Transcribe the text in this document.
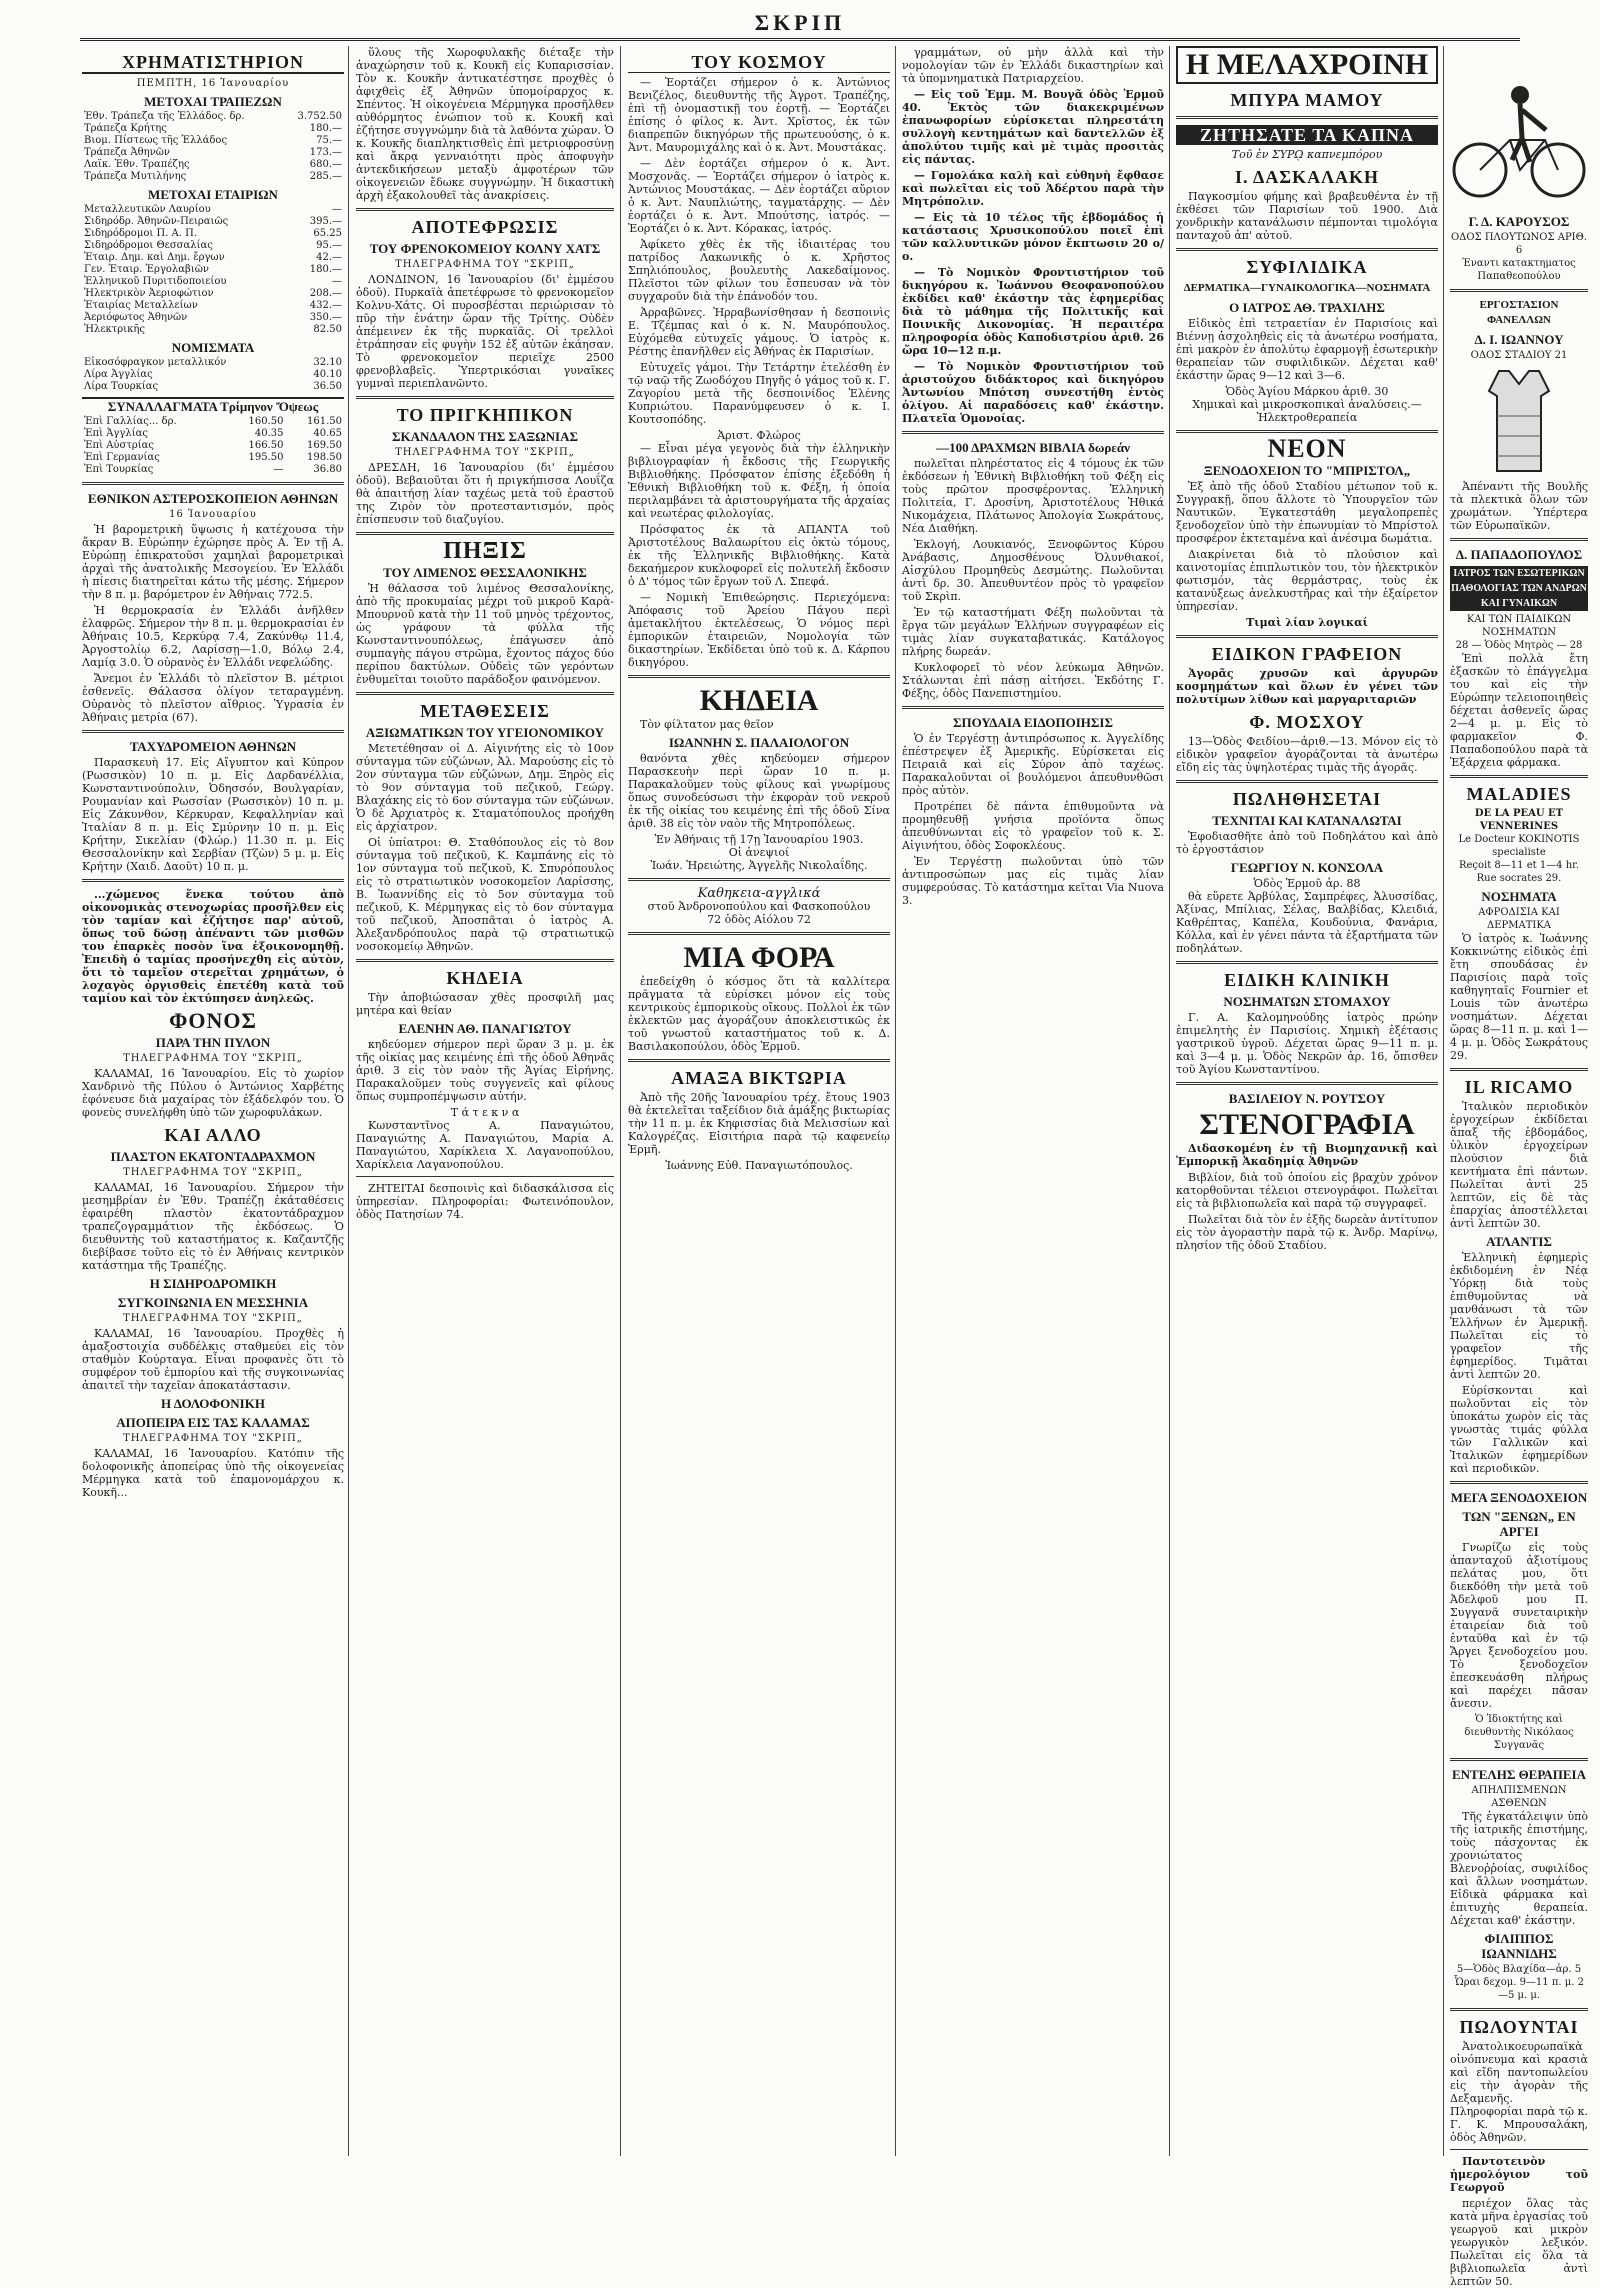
ΣΚΡΙΠ
ΧΡΗΜΑΤΙΣΤΗΡΙΟΝ
ΠΕΜΠΤΗ, 16 Ἰανουαρίου
ΜΕΤΟΧΑΙ ΤΡΑΠΕΖΩΝ
Ἐθν. Τράπεζα τῆς Ἑλλάδος. δρ.	3.752.50
Τράπεζα Κρήτης	180.—
Βιομ. Πίστεως τῆς Ἑλλάδος	75.—
Τράπεζα Ἀθηνῶν	173.—
Λαϊκ. Ἐθν. Τραπέζης	680.—
Τράπεζα Μυτιλήνης	285.—
ΜΕΤΟΧΑΙ ΕΤΑΙΡΙΩΝ
Μεταλλευτικῶν Λαυρίου	—
Σιδηρόδρ. Ἀθηνῶν-Πειραιῶς	395.—
Σιδηρόδρομοι Π. Α. Π.	65.25
Σιδηρόδρομοι Θεσσαλίας	95.—
Ἐταιρ. Δημ. καὶ Δημ. ἔργων	42.—
Γεν. Ἐταιρ. Ἐργολαβιῶν	180.—
Ἑλληνικοῦ Πυριτιδοποιείου	—
Ἠλεκτρικὸν Ἀεριοφώτιον	208.—
Ἐταιρίας Μεταλλείων	432.—
Ἀεριόφωτος Ἀθηνῶν	350.—
Ἠλεκτρικῆς	82.50
ΝΟΜΙΣΜΑΤΑ
Εἰκοσόφραγκον μεταλλικόν	32.10
Λίρα Ἀγγλίας	40.10
Λίρα Τουρκίας	36.50
ΣΥΝΑΛΛΑΓΜΑΤΑ Τρίμηνον Ὄψεως
Ἐπὶ Γαλλίας... δρ.	160.50	161.50
Ἐπὶ Ἀγγλίας	40.35	40.65
Ἐπὶ Αὐστρίας	166.50	169.50
Ἐπὶ Γερμανίας	195.50	198.50
Ἐπὶ Τουρκίας	—	36.80
ΕΘΝΙΚΟΝ ΑΣΤΕΡΟΣΚΟΠΕΙΟΝ ΑΘΗΝΩΝ
16 Ἰανουαρίου

Ἡ βαρομετρικὴ ὕψωσις ἡ κατέχουσα τὴν ἄκραν Β. Εὐρώπην ἐχώρησε πρὸς Α. Ἐν τῇ Α. Εὐρώπῃ ἐπικρατοῦσι χαμηλαὶ βαρομετρικαὶ ἀρχαὶ τῆς ἀνατολικῆς Μεσογείου. Ἐν Ἑλλάδι ἡ πίεσις διατηρεῖται κάτω τῆς μέσης. Σήμερον τὴν 8 π. μ. βαρόμετρον ἐν Ἀθήναις 772.5.

Ἡ θερμοκρασία ἐν Ἑλλάδι ἀνῆλθεν ἐλαφρῶς. Σήμερον τὴν 8 π. μ. θερμοκρασίαι ἐν Ἀθήναις 10.5, Κερκύρᾳ 7.4, Ζακύνθῳ 11.4, Ἀργοστολίῳ 6.2, Λαρίσσῃ—1.0, Βόλῳ 2.4, Λαμίᾳ 3.0. Ὁ οὐρανὸς ἐν Ἑλλάδι νεφελώδης.

Ἄνεμοι ἐν Ἑλλάδι τὸ πλεῖστον Β. μέτριοι ἐσθενεῖς. Θάλασσα ὀλίγον τεταραγμένη. Οὐρανὸς τὸ πλεῖστον αἴθριος. Ὑγρασία ἐν Ἀθήναις μετρία (67).

ΤΑΧΥΔΡΟΜΕΙΟΝ ΑΘΗΝΩΝ

Παρασκευὴ 17. Εἰς Αἴγυπτον καὶ Κύπρον (Ρωσσικὸν) 10 π. μ. Εἰς Δαρδανέλλια, Κωνσταντινούπολιν, Ὀδησσόν, Βουλγαρίαν, Ρουμανίαν καὶ Ρωσσίαν (Ρωσσικὸν) 10 π. μ. Εἰς Ζάκυνθον, Κέρκυραν, Κεφαλληνίαν καὶ Ἰταλίαν 8 π. μ. Εἰς Σμύρνην 10 π. μ. Εἰς Κρήτην, Σικελίαν (Φλώρ.) 11.30 π. μ. Εἰς Θεσσαλονίκην καὶ Σερβίαν (Τζὼν) 5 μ. μ. Εἰς Κρήτην (Χαιδ. Δαοῦτ) 10 π. μ.

...χώμενος ἕνεκα τούτου ἀπὸ οἰκονομικὰς στενοχωρίας προσῆλθεν εἰς τὸν ταμίαν καὶ ἐζήτησε παρ' αὐτοῦ, ὅπως τοῦ δώσῃ ἀπέναντι τῶν μισθῶν του ἐπαρκὲς ποσὸν ἵνα ἐξοικονομηθῇ. Ἐπειδὴ ὁ ταμίας προσήνεχθη εἰς αὐτὸν, ὅτι τὸ ταμεῖον στερεῖται χρημάτων, ὁ λοχαγὸς ὀργισθεὶς ἐπετέθη κατὰ τοῦ ταμίου καὶ τὸν ἐκτύπησεν ἀνηλεῶς.

ΦΟΝΟΣ
ΠΑΡΑ ΤΗΝ ΠΥΛΟΝ
ΤΗΛΕΓΡΑΦΗΜΑ ΤΟΥ "ΣΚΡΙΠ„

ΚΑΛΑΜΑΙ, 16 Ἰανουαρίου. Εἰς τὸ χωρίον Χανδρινὸ τῆς Πύλου ὁ Ἀντώνιος Χαρβέτης ἐφόνευσε διὰ μαχαίρας τὸν ἐξάδελφόν του. Ὁ φονεὺς συνελήφθη ὑπὸ τῶν χωροφυλάκων.

ΚΑΙ ΑΛΛΟ
ΠΛΑΣΤΟΝ ΕΚΑΤΟΝΤΑΔΡΑΧΜΟΝ
ΤΗΛΕΓΡΑΦΗΜΑ ΤΟΥ "ΣΚΡΙΠ„

ΚΑΛΑΜΑΙ, 16 Ἰανουαρίου. Σήμερον τὴν μεσημβρίαν ἐν Ἐθν. Τραπέζῃ ἐκάταθέσεις ἐφαιρέθη πλαστὸν ἑκατοντάδραχμον τραπεζογραμμάτιον τῆς ἐκδόσεως. Ὁ διευθυντὴς τοῦ καταστήματος κ. Καζαντζῆς διεβίβασε τοῦτο εἰς τὸ ἐν Ἀθήναις κεντρικὸν κατάστημα τῆς Τραπέζης.

Η ΣΙΔΗΡΟΔΡΟΜΙΚΗ
ΣΥΓΚΟΙΝΩΝΙΑ ΕΝ ΜΕΣΣΗΝΙΑ
ΤΗΛΕΓΡΑΦΗΜΑ ΤΟΥ "ΣΚΡΙΠ„

ΚΑΛΑΜΑΙ, 16 Ἰανουαρίου. Προχθὲς ἡ ἁμαξοστοιχία συδδέλκις σταθμεύει εἰς τὸν σταθμὸν Κούρταγα. Εἶναι προφανὲς ὅτι τὸ συμφέρον τοῦ ἐμπορίου καὶ τῆς συγκοινωνίας ἀπαιτεῖ τὴν ταχεῖαν ἀποκατάστασιν.

Η ΔΟΛΟΦΟΝΙΚΗ
ΑΠΟΠΕΙΡΑ ΕΙΣ ΤΑΣ ΚΑΛΑΜΑΣ
ΤΗΛΕΓΡΑΦΗΜΑ ΤΟΥ "ΣΚΡΙΠ„

ΚΑΛΑΜΑΙ, 16 Ἰανουαρίου. Κατόπιν τῆς δολοφονικῆς ἀποπείρας ὑπὸ τῆς οἰκογενείας Μέρμηγκα κατὰ τοῦ ἐπαμονομάρχου κ. Κουκῆ...

ὕλους τῆς Χωροφυλακῆς διέταξε τὴν ἀναχώρησιν τοῦ κ. Κουκῆ εἰς Κυπαρισσίαν. Τὸν κ. Κουκῆν ἀντικατέστησε προχθὲς ὁ ἀφιχθεὶς ἐξ Ἀθηνῶν ὑπομοίραρχος κ. Σπέντος. Ἡ οἰκογένεια Μέρμηγκα προσῆλθεν αὐθόρμητος ἐνώπιον τοῦ κ. Κουκῆ καὶ ἐζήτησε συγγνώμην διὰ τὰ λαθόντα χώραν. Ὁ κ. Κουκῆς διαπληκτισθεὶς ἐπὶ μετριοφροσύνῃ καὶ ἄκρᾳ γενναιότητι πρὸς ἀποφυγὴν ἀντεκδικήσεων μεταξὺ ἀμφοτέρων τῶν οἰκογενειῶν ἔδωκε συγγνώμην. Ἡ δικαστικὴ ἀρχὴ ἐξακολουθεῖ τὰς ἀνακρίσεις.

ΑΠΟΤΕΦΡΩΣΙΣ
ΤΟΥ ΦΡΕΝΟΚΟΜΕΙΟΥ ΚΟΛΝΥ ΧΑΤΣ
ΤΗΛΕΓΡΑΦΗΜΑ ΤΟΥ "ΣΚΡΙΠ„

ΛΟΝΔΙΝΟΝ, 16 Ἰανουαρίου (δι' ἐμμέσου ὁδοῦ). Πυρκαϊὰ ἀπετέφρωσε τὸ φρενοκομεῖον Κολνυ-Χάτς. Οἱ πυροσβέσται περιώρισαν τὸ πῦρ τὴν ἑνάτην ὥραν τῆς Τρίτης. Οὐδὲν ἀπέμεινεν ἐκ τῆς πυρκαϊᾶς. Οἱ τρελλοὶ ἐτράπησαν εἰς φυγὴν 152 ἐξ αὐτῶν ἐκάησαν. Τὸ φρενοκομεῖον περιεῖχε 2500 φρενοβλαβεῖς. Ὑπερτρικόσιαι γυναῖκες γυμναὶ περιεπλανῶντο.

ΤΟ ΠΡΙΓΚΗΠΙΚΟΝ
ΣΚΑΝΔΑΛΟΝ ΤΗΣ ΣΑΞΩΝΙΑΣ
ΤΗΛΕΓΡΑΦΗΜΑ ΤΟΥ "ΣΚΡΙΠ„

ΔΡΕΣΔΗ, 16 Ἰανουαρίου (δι' ἐμμέσου ὁδοῦ). Βεβαιοῦται ὅτι ἡ πριγκήπισσα Λουΐζα θὰ ἀπαιτήσῃ λίαν ταχέως μετὰ τοῦ ἐραστοῦ της Ζιρὸν τὸν προτεσταντισμόν, πρὸς ἐπίσπευσιν τοῦ διαζυγίου.

ΠΗΞΙΣ
ΤΟΥ ΛΙΜΕΝΟΣ ΘΕΣΣΑΛΟΝΙΚΗΣ

Ἡ θάλασσα τοῦ λιμένος Θεσσαλονίκης, ἀπὸ τῆς προκυμαίας μέχρι τοῦ μικροῦ Καρὰ-Μπουρνοῦ κατὰ τὴν 11 τοῦ μηνὸς τρέχοντος, ὡς γράφουν τὰ φύλλα τῆς Κωνσταντινουπόλεως, ἐπάγωσεν ἀπὸ συμπαγὴς πάγου στρῶμα, ἔχοντος πάχος δύο περίπου δακτύλων. Οὐδεὶς τῶν γερόντων ἐνθυμεῖται τοιοῦτο παράδοξον φαινόμενον.

ΜΕΤΑΘΕΣΕΙΣ
ΑΞΙΩΜΑΤΙΚΩΝ ΤΟΥ ΥΓΕΙΟΝΟΜΙΚΟΥ

Μετετέθησαν οἱ Δ. Αἰγινήτης εἰς τὸ 10ον σύνταγμα τῶν εὐζώνων, Ἀλ. Μαρούσης εἰς τὸ 2ον σύνταγμα τῶν εὐζώνων, Δημ. Ξηρὸς εἰς τὸ 9ον σύνταγμα τοῦ πεζικοῦ, Γεώργ. Βλαχάκης εἰς τὸ 6ον σύνταγμα τῶν εὐζώνων. Ὁ δὲ Ἀρχιατρὸς κ. Σταματόπουλος προήχθη εἰς ἀρχίατρον.

Οἱ ὑπίατροι: Θ. Σταθόπουλος εἰς τὸ 8ον σύνταγμα τοῦ πεζικοῦ, Κ. Καμπάνης εἰς τὸ 1ον σύνταγμα τοῦ πεζικοῦ, Κ. Σπυρόπουλος εἰς τὸ στρατιωτικὸν νοσοκομεῖον Λαρίσσης, Β. Ἰωαννίδης εἰς τὸ 5ον σύνταγμα τοῦ πεζικοῦ, Κ. Μέρμηγκας εἰς τὸ 6ον σύνταγμα τοῦ πεζικοῦ, Ἀποσπᾶται ὁ ἰατρὸς Α. Ἀλεξανδρόπουλος παρὰ τῷ στρατιωτικῷ νοσοκομείῳ Ἀθηνῶν.

ΚΗΔΕΙΑ

Τὴν ἀποβιώσασαν χθὲς προσφιλῆ μας μητέρα καὶ θείαν

ΕΛΕΝΗΝ ΑΘ. ΠΑΝΑΓΙΩΤΟΥ

κηδεύομεν σήμερον περὶ ὥραν 3 μ. μ. ἐκ τῆς οἰκίας μας κειμένης ἐπὶ τῆς ὁδοῦ Ἀθηνᾶς ἀριθ. 3 εἰς τὸν ναὸν τῆς Ἁγίας Εἰρήνης. Παρακαλοῦμεν τοὺς συγγενεῖς καὶ φίλους ὅπως συμπροπέμψωσιν αὐτήν.

Τ ά τ ε κ ν α

Κωνσταντῖνος Α. Παναγιώτου, Παναγιώτης Α. Παναγιώτου, Μαρία Α. Παναγιώτου, Χαρίκλεια Χ. Λαγανοπούλου, Χαρίκλεια Λαγανοπούλου.

ΖΗΤΕΙΤΑΙ δεσποινὶς καὶ διδασκάλισσα εἰς ὑπηρεσίαν. Πληροφορίαι: Φωτεινόπουλον, ὁδὸς Πατησίων 74.

ΤΟΥ ΚΟΣΜΟΥ

— Ἑορτάζει σήμερον ὁ κ. Ἀντώνιος Βενιζέλος, διευθυντὴς τῆς Ἀγροτ. Τραπέζης, ἐπὶ τῇ ὀνομαστικῇ του ἑορτῇ. — Ἑορτάζει ἐπίσης ὁ φίλος κ. Ἀντ. Χρῖστος, ἐκ τῶν διαπρεπῶν δικηγόρων τῆς πρωτευούσης, ὁ κ. Ἀντ. Μαυρομιχάλης καὶ ὁ κ. Ἀντ. Μουστάκας.

— Δὲν ἑορτάζει σήμερον ὁ κ. Ἀντ. Μοσχονᾶς. — Ἑορτάζει σήμερον ὁ ἰατρὸς κ. Ἀντώνιος Μουστάκας. — Δὲν ἑορτάζει αὔριον ὁ κ. Ἀντ. Ναυπλιώτης, ταγματάρχης. — Δὲν ἑορτάζει ὁ κ. Ἀντ. Μπούτσης, ἰατρός. — Ἑορτάζει ὁ κ. Ἀντ. Κόρακας, ἰατρός.

Ἀφίκετο χθὲς ἐκ τῆς ἰδιαιτέρας του πατρίδος Λακωνικῆς ὁ κ. Χρῆστος Σπηλιόπουλος, βουλευτὴς Λακεδαίμονος. Πλεῖστοι τῶν φίλων του ἔσπευσαν νὰ τὸν συγχαροῦν διὰ τὴν ἐπάνοδόν του.

Ἀρραβῶνες. Ἠρραβωνίσθησαν ἡ δεσποινὶς Ε. Τζέμπας καὶ ὁ κ. Ν. Μαυρόπουλος. Εὐχόμεθα εὐτυχεῖς γάμους. Ὁ ἰατρὸς κ. Ρέστης ἐπανῆλθεν εἰς Ἀθήνας ἐκ Παρισίων.

Εὐτυχεῖς γάμοι. Τὴν Τετάρτην ἐτελέσθη ἐν τῷ ναῷ τῆς Ζωοδόχου Πηγῆς ὁ γάμος τοῦ κ. Γ. Ζαγορίου μετὰ τῆς δεσποινίδος Ἑλένης Κυπριώτου. Παρανύμφευσεν ὁ κ. Ι. Κουτσοπόδης.

Ἀριστ. Φλώρος

— Εἶναι μέγα γεγονὸς διὰ τὴν ἑλληνικὴν βιβλιογραφίαν ἡ ἔκδοσις τῆς Γεωργικῆς Βιβλιοθήκης. Πρόσφατον ἐπίσης ἐξεδόθη ἡ Ἐθνικὴ Βιβλιοθήκη τοῦ κ. Φέξη, ἡ ὁποία περιλαμβάνει τὰ ἀριστουργήματα τῆς ἀρχαίας καὶ νεωτέρας φιλολογίας.

Πρόσφατος ἐκ τὰ ΑΠΑΝΤΑ τοῦ Ἀριστοτέλους Βαλαωρίτου εἰς ὀκτὼ τόμους, ἐκ τῆς Ἑλληνικῆς Βιβλιοθήκης. Κατὰ δεκαήμερον κυκλοφορεῖ εἰς πολυτελῆ ἔκδοσιν ὁ Δ' τόμος τῶν ἔργων τοῦ Λ. Σπεφά.

— Νομικὴ Ἐπιθεώρησις. Περιεχόμενα: Ἀπόφασις τοῦ Ἀρείου Πάγου περὶ ἀμετακλήτου ἐκτελέσεως, Ὁ νόμος περὶ ἐμπορικῶν ἑταιρειῶν, Νομολογία τῶν δικαστηρίων. Ἐκδίδεται ὑπὸ τοῦ κ. Δ. Κάρπου δικηγόρου.

ΚΗΔΕΙΑ

Τὸν φίλτατον μας θεῖον

ΙΩΑΝΝΗΝ Σ. ΠΑΛΑΙΟΛΟΓΟΝ

θανόντα χθὲς κηδεύομεν σήμερον Παρασκευὴν περὶ ὥραν 10 π. μ. Παρακαλοῦμεν τοὺς φίλους καὶ γνωρίμους ὅπως συνοδεύσωσι τὴν ἐκφορὰν τοῦ νεκροῦ ἐκ τῆς οἰκίας του κειμένης ἐπὶ τῆς ὁδοῦ Σίνα ἀριθ. 38 εἰς τὸν ναὸν τῆς Μητροπόλεως.

Ἐν Ἀθήναις τῇ 17ῃ Ἰανουαρίου 1903.
Οἱ ἀνεψιοί
Ἰωάν. Ἠρειώτης, Ἀγγελῆς Νικολαΐδης.
Καθηκεια-αγγλικά
στοῦ Ἀνδρονοπούλου καὶ Φασκοπούλου
72 ὁδὸς Αἰόλου 72
ΜΙΑ ΦΟΡΑ

ἐπεδείχθη ὁ κόσμος ὅτι τὰ καλλίτερα πρᾶγματα τὰ εὑρίσκει μόνον εἰς τοὺς κεντρικοὺς ἐμπορικοὺς οἴκους. Πολλοὶ ἐκ τῶν ἐκλεκτῶν μας ἀγοράζουν ἀποκλειστικῶς ἐκ τοῦ γνωστοῦ καταστήματος τοῦ κ. Δ. Βασιλακοπούλου, ὁδὸς Ἑρμοῦ.

ΑΜΑΞΑ ΒΙΚΤΩΡΙΑ

Ἀπὸ τῆς 20ῆς Ἰανουαρίου τρέχ. ἔτους 1903 θὰ ἐκτελεῖται ταξείδιον διὰ ἁμάξης βικτωρίας τὴν 11 π. μ. ἐκ Κηφισσίας διὰ Μελισσίων καὶ Καλογρέζας. Εἰσιτήρια παρὰ τῷ καφενείῳ Ἑρμῆ.

Ἰωάννης Εὐθ. Παναγιωτόπουλος.

γραμμάτων, οὐ μὴν ἀλλὰ καὶ τὴν νομολογίαν τῶν ἐν Ἑλλάδι δικαστηρίων καὶ τὰ ὑπομνηματικὰ Πατριαρχείου.

— Εἰς τοῦ Ἐμμ. Μ. Βουγᾶ ὁδὸς Ἑρμοῦ 40. Ἐκτὸς τῶν διακεκριμένων ἐπανωφορίων εὑρίσκεται πληρεστάτη συλλογὴ κεντημάτων καὶ δαντελλῶν ἐξ ἀπολύτου τιμῆς καὶ μὲ τιμὰς προσιτὰς εἰς πάντας.

— Γομολάκα καλὴ καὶ εὐθηνὴ ἔφθασε καὶ πωλεῖται εἰς τοῦ Ἀδέρτου παρὰ τὴν Μητρόπολιν.

— Εἰς τὰ 10 τέλος τῆς ἐβδομάδος ἡ κατάστασις Χρυσικοπούλου ποιεῖ ἐπὶ τῶν καλλυντικῶν μόνον ἔκπτωσιν 20 ο/ο.

— Τὸ Νομικὸν Φροντιστήριον τοῦ δικηγόρου κ. Ἰωάννου Θεοφανοπούλου ἐκδίδει καθ' ἑκάστην τὰς ἐφημερίδας διὰ τὸ μάθημα τῆς Πολιτικῆς καὶ Ποινικῆς Δικονομίας. Ἡ περαιτέρα πληροφορία ὁδὸς Καποδιστρίου ἀριθ. 26 ὥρα 10—12 π.μ.

— Τὸ Νομικὸν Φροντιστήριον τοῦ ἀριστούχου διδάκτορος καὶ δικηγόρου Ἀντωνίου Μπότση συνεστήθη ἐντὸς ὀλίγου. Αἱ παραδόσεις καθ' ἑκάστην. Πλατεῖα Ὁμονοίας.

—100 ΔΡΑΧΜΩΝ ΒΙΒΛΙΑ δωρεάν

πωλεῖται πληρέστατος εἰς 4 τόμους ἐκ τῶν ἐκδόσεων ἡ Ἐθνικὴ Βιβλιοθήκη τοῦ Φέξη εἰς τοὺς πρῶτον προσφέροντας. Ἑλληνικὴ Πολιτεία, Γ. Δροσίνη, Ἀριστοτέλους Ἠθικά Νικομάχεια, Πλάτωνος Ἀπολογία Σωκράτους, Νέα Διαθήκη.

Ἐκλογή, Λουκιανός, Ξενοφῶντος Κύρου Ἀνάβασις, Δημοσθένους Ὀλυνθιακοί, Αἰσχύλου Προμηθεὺς Δεσμώτης. Πωλοῦνται ἀντὶ δρ. 30. Ἀπευθυντέον πρὸς τὸ γραφεῖον τοῦ Σκρὶπ.

Ἐν τῷ καταστήματι Φέξη πωλοῦνται τὰ ἔργα τῶν μεγάλων Ἑλλήνων συγγραφέων εἰς τιμὰς λίαν συγκαταβατικάς. Κατάλογος πλήρης δωρεάν.

Κυκλοφορεῖ τὸ νέον λεύκωμα Ἀθηνῶν. Στάλωνται ἐπὶ πάσῃ αἰτήσει. Ἐκδότης Γ. Φέξης, ὁδὸς Πανεπιστημίου.

ΣΠΟΥΔΑΙΑ ΕΙΔΟΠΟΙΗΣΙΣ

Ὁ ἐν Τεργέστῃ ἀντιπρόσωπος κ. Ἀγγελίδης ἐπέστρεψεν ἐξ Ἀμερικῆς. Εὑρίσκεται εἰς Πειραιᾶ καὶ εἰς Σύρον ἀπὸ ταχέως. Παρακαλοῦνται οἱ βουλόμενοι ἀπευθυνθῶσι πρὸς αὐτὸν.

Προτρέπει δὲ πάντα ἐπιθυμοῦντα νὰ προμηθευθῇ γνήσια προϊόντα ὅπως ἀπευθύνωνται εἰς τὸ γραφεῖον τοῦ κ. Σ. Αἰγινήτου, ὁδὸς Σοφοκλέους.

Ἐν Τεργέστῃ πωλοῦνται ὑπὸ τῶν ἀντιπροσώπων μας εἰς τιμὰς λίαν συμφερούσας. Τὸ κατάστημα κεῖται Via Nuova 3.

Η ΜΕΛΑΧΡΟΙΝΗ
ΜΠΥΡΑ ΜΑΜΟΥ
ΖΗΤΗΣΑΤΕ ΤΑ ΚΑΠΝΑ
Τοῦ ἐν ΣΥΡῼ καπνεμπόρου
Ι. ΔΑΣΚΑΛΑΚΗ

Παγκοσμίου φήμης καὶ βραβευθέντα ἐν τῇ ἐκθέσει τῶν Παρισίων τοῦ 1900. Διὰ χονδρικὴν κατανάλωσιν πέμπονται τιμολόγια πανταχοῦ ἀπ' αὐτοῦ.

ΣΥΦΙΛΙΔΙΚΑ
ΔΕΡΜΑΤΙΚΑ—ΓΥΝΑΙΚΟΛΟΓΙΚΑ—ΝΟΣΗΜΑΤΑ
Ο ΙΑΤΡΟΣ ΑΘ. ΤΡΑΧΙΛΗΣ

Εἰδικὸς ἐπὶ τετραετίαν ἐν Παρισίοις καὶ Βιέννῃ ἀσχοληθεὶς εἰς τὰ ἀνωτέρω νοσήματα, ἐπὶ μακρὸν ἐν ἀπολύτῳ ἐφαρμογῇ ἐσωτερικὴν θεραπείαν τῶν συφιλιδικῶν. Δέχεται καθ' ἑκάστην ὥρας 9—12 καὶ 3—6.

Ὁδὸς Ἁγίου Μάρκου ἀριθ. 30
Χημικαὶ καὶ μικροσκοπικαὶ ἀναλύσεις.—Ἠλεκτροθεραπεία
ΝΕΟΝ
ΞΕΝΟΔΟΧΕΙΟΝ ΤΟ "ΜΠΡΙΣΤΟΛ„

Ἐξ ἀπὸ τῆς ὁδοῦ Σταδίου μέτωπον τοῦ κ. Συγγρακῇ, ὅπου ἄλλοτε τὸ Ὑπουργεῖον τῶν Ναυτικῶν. Ἐγκατεστάθη μεγαλοπρεπὲς ξενοδοχεῖον ὑπὸ τὴν ἐπωνυμίαν τὸ Μπρίστολ προσφέρον ἐκτεταμένα καὶ ἀνέσιμα δωμάτια.

Διακρίνεται διὰ τὸ πλούσιον καὶ καινοτομίας ἐπιπλωτικὸν του, τὸν ἠλεκτρικὸν φωτισμόν, τὰς θερμάστρας, τοὺς ἐκ κατανύξεως ἀνελκυστῆρας καὶ τὴν ἐξαίρετον ὑπηρεσίαν.

Τιμαὶ λίαν λογικαί
ΕΙΔΙΚΟΝ ΓΡΑΦΕΙΟΝ

Ἀγορᾶς χρυσῶν καὶ ἀργυρῶν κοσμημάτων καὶ ὅλων ἐν γένει τῶν πολυτίμων λίθων καὶ μαργαριταριῶν

Φ. ΜΟΣΧΟΥ

13—Ὁδὸς Φειδίου—ἀριθ.—13. Μόνον εἰς τὸ εἰδικὸν γραφεῖον ἀγοράζονται τὰ ἀνωτέρω εἴδη εἰς τὰς ὑψηλοτέρας τιμὰς τῆς ἀγορᾶς.

ΠΩΛΗΘΗΣΕΤΑΙ
ΤΕΧΝΙΤΑΙ ΚΑΙ ΚΑΤΑΝΑΛΩΤΑΙ

Ἐφοδιασθῆτε ἀπὸ τοῦ Ποδηλάτου καὶ ἀπὸ τὸ ἐργοστάσιον

ΓΕΩΡΓΙΟΥ Ν. ΚΟΝΣΟΛΑ
Ὁδὸς Ἑρμοῦ ἀρ. 88

θὰ εὕρετε Ἀρβύλας, Σαμπρέφες, Ἀλυσσίδας, Ἀξίνας, Μπίλιας, Σέλας, Βαλβίδας, Κλειδιά, Καθρέπτας, Καπέλα, Κουδούνια, Φανάρια, Κόλλα, καὶ ἐν γένει πάντα τὰ ἐξαρτήματα τῶν ποδηλάτων.

ΕΙΔΙΚΗ ΚΛΙΝΙΚΗ
ΝΟΣΗΜΑΤΩΝ ΣΤΟΜΑΧΟΥ

Γ. Α. Καλομηνούδης ἰατρὸς πρώην ἐπιμελητὴς ἐν Παρισίοις. Χημικὴ ἐξέτασις γαστρικοῦ ὑγροῦ. Δέχεται ὥρας 9—11 π. μ. καὶ 3—4 μ. μ. Ὁδὸς Νεκρῶν ἀρ. 16, ὄπισθεν τοῦ Ἁγίου Κωνσταντίνου.

ΒΑΣΙΛΕΙΟΥ Ν. ΡΟΥΤΣΟΥ
ΣΤΕΝΟΓΡΑΦΙΑ

Διδασκομένη ἐν τῇ Βιομηχανικῇ καὶ Ἐμπορικῇ Ἀκαδημίᾳ Ἀθηνῶν

Βιβλίον, διὰ τοῦ ὁποίου εἰς βραχὺν χρόνον κατορθοῦνται τέλειοι στενογράφοι. Πωλεῖται εἰς τὰ βιβλιοπωλεῖα καὶ παρὰ τῷ συγγραφεῖ.

Πωλεῖται διὰ τὸν ἐν ἑξῆς δωρεὰν ἀντίτυπον εἰς τὸν ἀγοραστὴν παρὰ τῷ κ. Ἀνδρ. Μαρίνῳ, πλησίον τῆς ὁδοῦ Σταδίου.

Γ. Δ. ΚΑΡΟΥΣΟΣ
ΟΔΟΣ ΠΛΟΥΤΩΝΟΣ ΑΡΙΘ. 6
Ἐναντι κατακτηματος Παπαθεοπούλου
ΕΡΓΟΣΤΑΣΙΟΝ ΦΑΝΕΛΛΩΝ
Δ. Ι. ΙΩΑΝΝΟΥ
ΟΔΟΣ ΣΤΑΔΙΟΥ 21

Ἀπέναντι τῆς Βουλῆς τὰ πλεκτικὰ ὅλων τῶν χρωμάτων. Ὑπέρτερα τῶν Εὐρωπαϊκῶν.

Δ. ΠΑΠΑΔΟΠΟΥΛΟΣ
ΙΑΤΡΟΣ ΤΩΝ ΕΣΩΤΕΡΙΚΩΝ ΠΑΘΟΛΟΓΙΑΣ ΤΩΝ ΑΝΔΡΩΝ ΚΑΙ ΓΥΝΑΙΚΩΝ
ΚΑΙ ΤΩΝ ΠΑΙΔΙΚΩΝ ΝΟΣΗΜΑΤΩΝ
28 — Ὁδὸς Μητρὸς — 28

Ἐπὶ πολλὰ ἔτη ἐξασκῶν τὸ ἐπάγγελμα του καὶ εἰς τὴν Εὐρώπην τελειοποιηθεὶς δέχεται ἀσθενεῖς ὥρας 2—4 μ. μ. Εἰς τὸ φαρμακεῖον Φ. Παπαδοπούλου παρὰ τὰ Ἐξάρχεια φάρμακα.

MALADIES
DE LA PEAU ET VENNERINES
Le Docteur KOKINOTIS specialiste
Reçoit 8—11 et 1—4 hr. Rue socrates 29.
ΝΟΣΗΜΑΤΑ
ΑΦΡΟΔΙΣΙΑ ΚΑΙ ΔΕΡΜΑΤΙΚΑ

Ὁ ἰατρὸς κ. Ἰωάννης Κοκκινώτης εἰδικὸς ἐπὶ ἔτη σπουδάσας ἐν Παρισίοις παρὰ τοῖς καθηγηταῖς Fournier et Louis τῶν ἀνωτέρω νοσημάτων. Δέχεται ὥρας 8—11 π. μ. καὶ 1—4 μ. μ. Ὁδὸς Σωκράτους 29.

IL RICAMO

Ἰταλικὸν περιοδικὸν ἐργοχείρων ἐκδίδεται ἅπαξ τῆς ἑβδομάδος, ὑλικὸν ἐργοχείρων πλούσιον διὰ κεντήματα ἐπὶ πάντων. Πωλεῖται ἀντὶ 25 λεπτῶν, εἰς δὲ τὰς ἐπαρχίας ἀποστέλλεται ἀντὶ λεπτῶν 30.

ΑΤΛΑΝΤΙΣ

Ἑλληνικὴ ἐφημερὶς ἐκδιδομένη ἐν Νέᾳ Ὑόρκῃ διὰ τοὺς ἐπιθυμοῦντας νὰ μανθάνωσι τὰ τῶν Ἑλλήνων ἐν Ἀμερικῇ. Πωλεῖται εἰς τὸ γραφεῖον τῆς ἐφημερίδος. Τιμᾶται ἀντὶ λεπτῶν 20.

Εὑρίσκονται καὶ πωλοῦνται εἰς τὸν ὑποκάτω χωρὸν εἰς τὰς γνωστὰς τιμάς φύλλα τῶν Γαλλικῶν καὶ Ἰταλικῶν ἐφημερίδων καὶ περιοδικῶν.

ΜΕΓΑ ΞΕΝΟΔΟΧΕΙΟΝ
ΤΩΝ "ΞΕΝΩΝ„ ΕΝ ΑΡΓΕΙ

Γνωρίζω εἰς τοὺς ἀπανταχοῦ ἀξιοτίμους πελάτας μου, ὅτι διεκδόθη τὴν μετὰ τοῦ Ἀδελφοῦ μου Π. Συγγανᾶ συνεταιρικὴν ἑταιρείαν διὰ τοῦ ἐνταῦθα καὶ ἐν τῷ Ἄργει ξενοδοχείου μου. Τὸ ξενοδοχεῖον ἐπεσκευάσθη πλήρως καὶ παρέχει πᾶσαν ἄνεσιν.

Ὁ Ἰδιοκτήτης καὶ διευθυντὴς Νικόλαος Συγγανᾶς
ΕΝΤΕΛΗΣ ΘΕΡΑΠΕΙΑ
ΑΠΗΛΠΙΣΜΕΝΩΝ ΑΣΘΕΝΩΝ

Τῆς ἐγκατάλειψιν ὑπὸ τῆς ἰατρικῆς ἐπιστήμης, τοὺς πάσχοντας ἐκ χρονιώτατος Βλενοῤῥοίας, συφιλίδος καὶ ἄλλων νοσημάτων. Εἰδικὰ φάρμακα καὶ ἐπιτυχὴς θεραπεία. Δέχεται καθ' ἑκάστην.

ΦΙΛΙΠΠΟΣ ΙΩΑΝΝΙΔΗΣ
5—Ὁδὸς Βλαχίδα—ἀρ. 5
Ὧραι δεχομ. 9—11 π. μ. 2—5 μ. μ.
ΠΩΛΟΥΝΤΑΙ

Ἀνατολικοευρωπαϊκὰ οἰνόπνευμα καὶ κρασιὰ καὶ εἴδη παντοπωλείου εἰς τὴν ἀγορὰν τῆς Δεξαμενῆς. Πληροφορίαι παρὰ τῷ κ. Γ. Κ. Μπρουσαλάκη, ὁδὸς Ἀθηνῶν.

Παντοτεινὸν ἡμερολόγιον τοῦ Γεωργοῦ

περιέχον ὅλας τὰς κατὰ μῆνα ἐργασίας τοῦ γεωργοῦ καὶ μικρὸν γεωργικὸν λεξικόν. Πωλεῖται εἰς ὅλα τὰ βιβλιοπωλεῖα ἀντὶ λεπτῶν 50.
